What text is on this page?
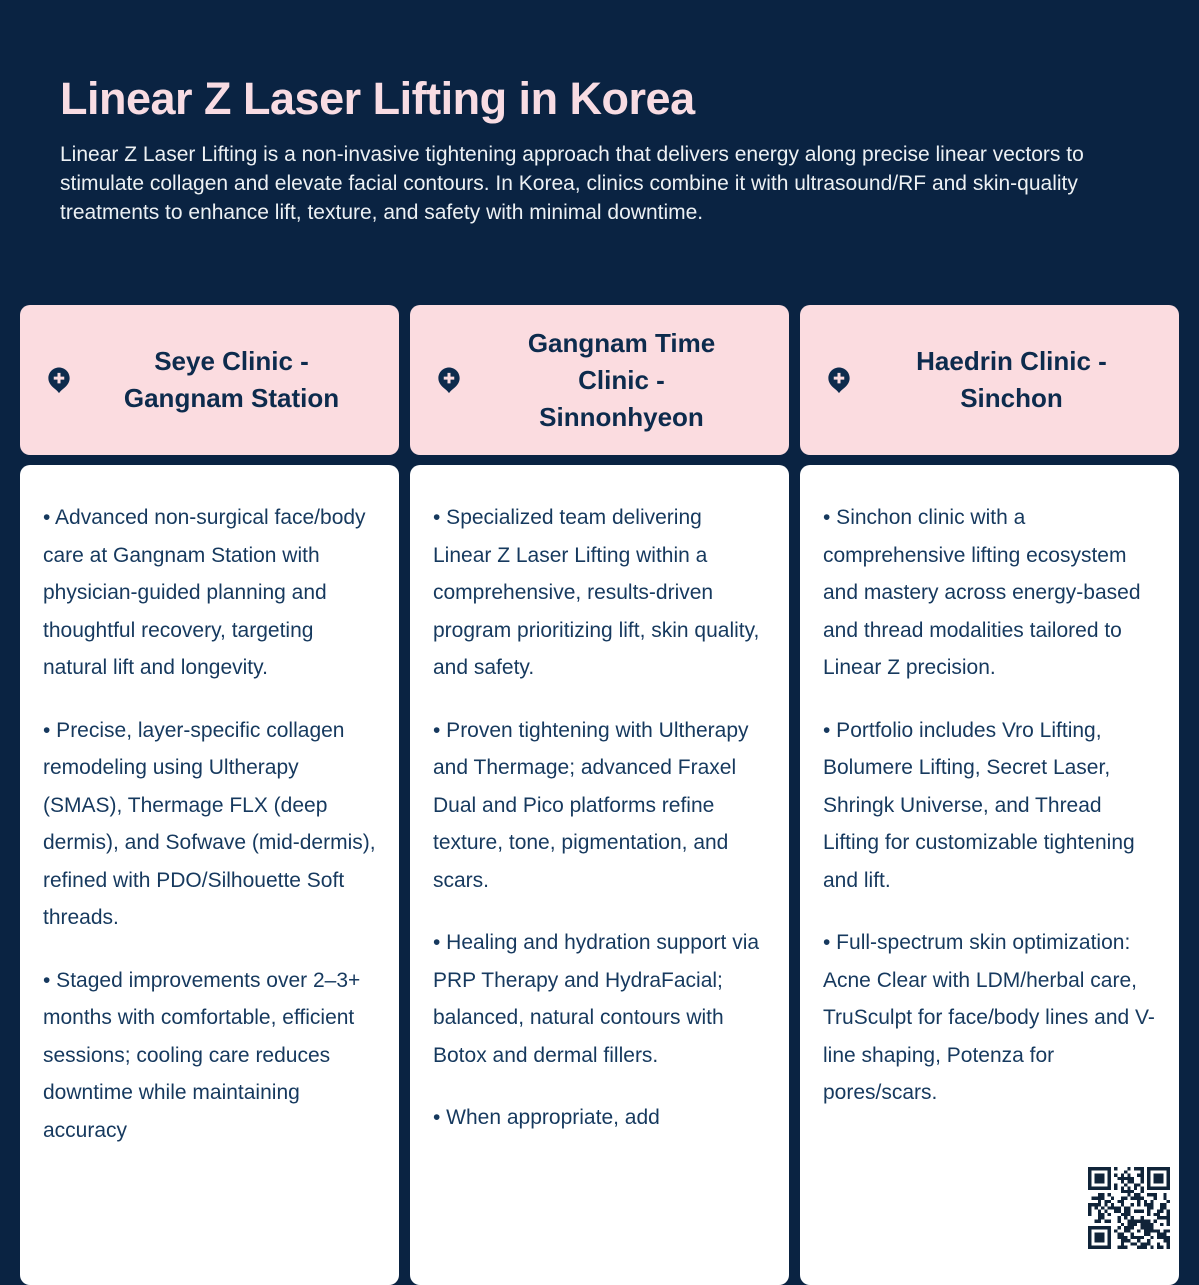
Linear Z Laser Lifting in Korea

Linear Z Laser Lifting is a non-invasive tightening approach that delivers energy along precise linear vectors to stimulate collagen and elevate facial contours. In Korea, clinics combine it with ultrasound/RF and skin-quality treatments to enhance lift, texture, and safety with minimal downtime.

Seye Clinic -
Gangnam Station

• Advanced non-surgical face/body care at Gangnam Station with physician-guided planning and thoughtful recovery, targeting natural lift and longevity.

• Precise, layer-specific collagen remodeling using Ultherapy (SMAS), Thermage FLX (deep dermis), and Sofwave (mid-dermis), refined with PDO/Silhouette Soft threads.

• Staged improvements over 2–3+ months with comfortable, efficient sessions; cooling care reduces downtime while maintaining accuracy

Gangnam Time
Clinic -
Sinnonhyeon

• Specialized team delivering Linear Z Laser Lifting within a comprehensive, results-driven program prioritizing lift, skin quality, and safety.

• Proven tightening with Ultherapy and Thermage; advanced Fraxel Dual and Pico platforms refine texture, tone, pigmentation, and scars.

• Healing and hydration support via PRP Therapy and HydraFacial; balanced, natural contours with Botox and dermal fillers.

• When appropriate, add

Haedrin Clinic -
Sinchon

• Sinchon clinic with a comprehensive lifting ecosystem and mastery across energy-based and thread modalities tailored to Linear Z precision.

• Portfolio includes Vro Lifting, Bolumere Lifting, Secret Laser, Shringk Universe, and Thread Lifting for customizable tightening and lift.

• Full-spectrum skin optimization: Acne Clear with LDM/herbal care, TruSculpt for face/body lines and V-line shaping, Potenza for pores/scars.
